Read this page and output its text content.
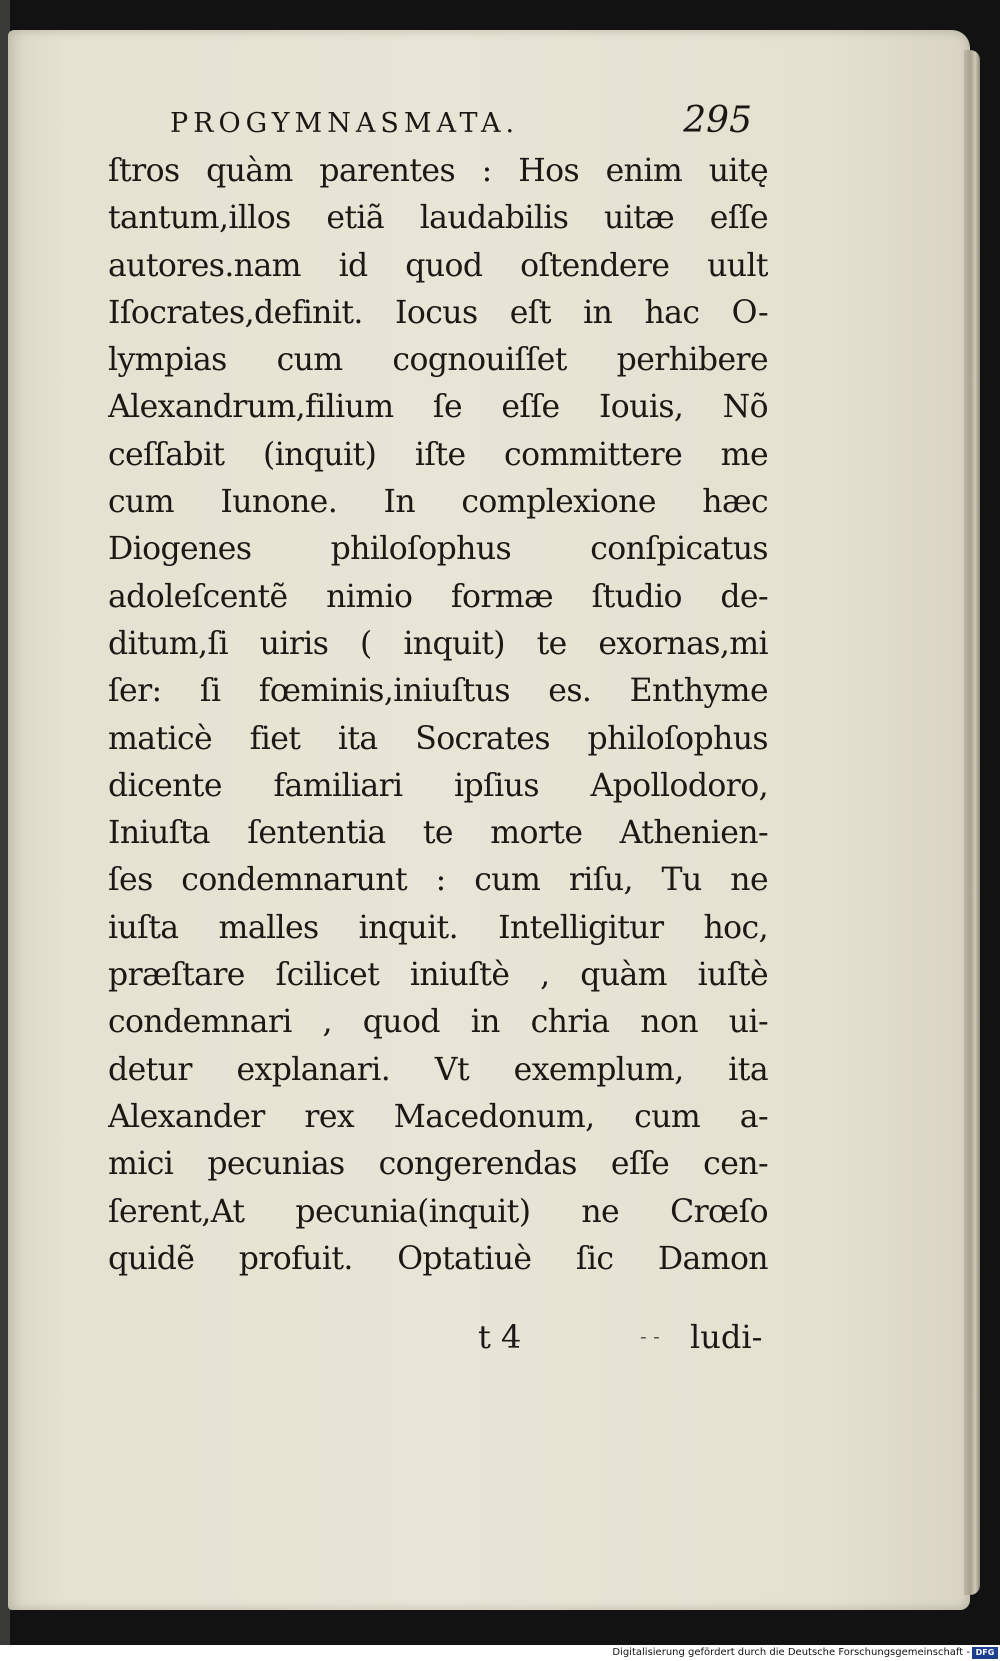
PROGYMNASMATA.	295
ſtros quàm parentes : Hos enim uitę
tantum,illos etiã laudabilis uitæ eſſe
autores.nam id quod oſtendere uult
Iſocrates,definit. Iocus eſt in hac O-
lympias cum cognouiſſet perhibere
Alexandrum,filium ſe eſſe Iouis, Nõ
ceſſabit (inquit) iſte committere me
cum Iunone. In complexione hæc
Diogenes philoſophus conſpicatus
adoleſcentẽ nimio formæ ſtudio de-
ditum,ſi uiris ( inquit) te exornas,mi
ſer: ſi fœminis,iniuſtus es. Enthyme
maticè fiet ita Socrates philoſophus
dicente familiari ipſius Apollodoro,
Iniuſta ſententia te morte Athenien-
ſes condemnarunt : cum riſu, Tu ne
iuſta malles inquit. Intelligitur hoc,
præſtare ſcilicet iniuſtè , quàm iuſtè
condemnari , quod in chria non ui-
detur explanari. Vt exemplum, ita
Alexander rex Macedonum, cum a-
mici pecunias congerendas eſſe cen-
ſerent,At pecunia(inquit) ne Crœſo
quidẽ profuit. Optatiuè ſic Damon
t 4	- - ludi-
Digitalisierung gefördert durch die Deutsche Forschungsgemeinschaft - DFG
